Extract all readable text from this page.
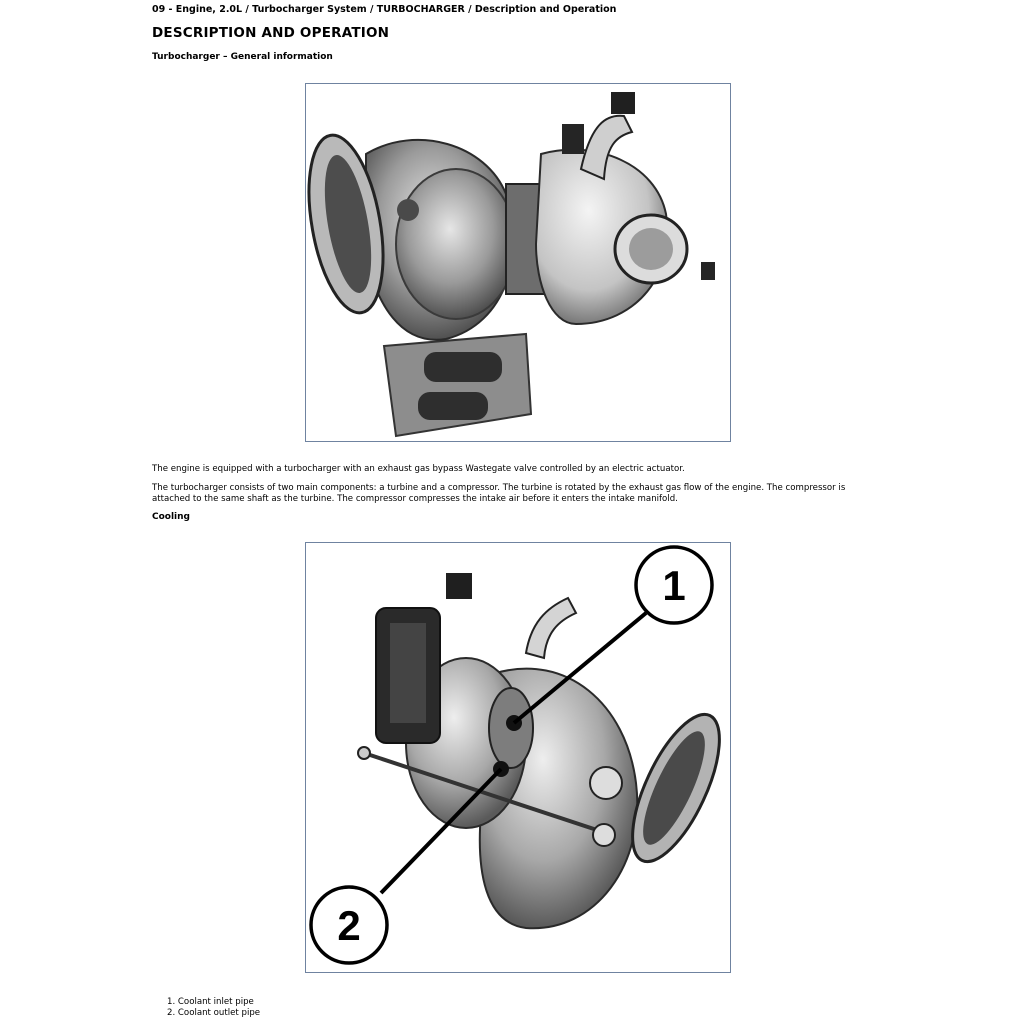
09 - Engine, 2.0L / Turbocharger System / TURBOCHARGER / Description and Operation
DESCRIPTION AND OPERATION
Turbocharger – General information

The engine is equipped with a turbocharger with an exhaust gas bypass Wastegate valve controlled by an electric actuator.

The turbocharger consists of two main components: a turbine and a compressor. The turbine is rotated by the exhaust gas flow of the engine. The compressor is attached to the same shaft as the turbine. The compressor compresses the intake air before it enters the intake manifold.

Cooling
1
2
1. Coolant inlet pipe
2. Coolant outlet pipe
